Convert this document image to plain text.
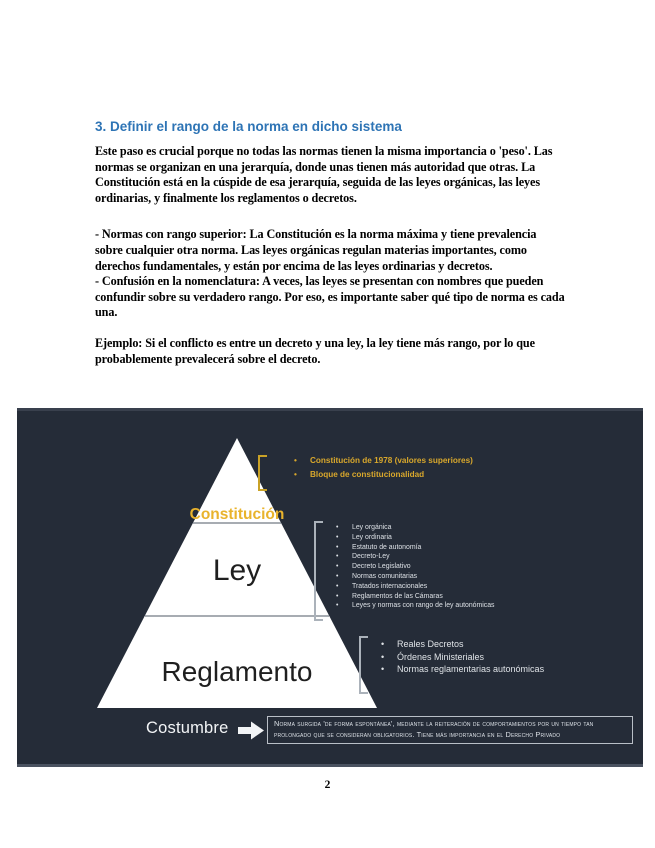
3. Definir el rango de la norma en dicho sistema

Este paso es crucial porque no todas las normas tienen la misma importancia o 'peso'. Las normas se organizan en una jerarquía, donde unas tienen más autoridad que otras. La Constitución está en la cúspide de esa jerarquía, seguida de las leyes orgánicas, las leyes ordinarias, y finalmente los reglamentos o decretos.

- Normas con rango superior: La Constitución es la norma máxima y tiene prevalencia sobre cualquier otra norma. Las leyes orgánicas regulan materias importantes, como derechos fundamentales, y están por encima de las leyes ordinarias y decretos.

- Confusión en la nomenclatura: A veces, las leyes se presentan con nombres que pueden confundir sobre su verdadero rango. Por eso, es importante saber qué tipo de norma es cada una.

Ejemplo: Si el conflicto es entre un decreto y una ley, la ley tiene más rango, por lo que probablemente prevalecerá sobre el decreto.

Constitución
Ley
Reglamento
• Constitución de 1978 (valores superiores)
• Bloque de constitucionalidad
• Ley orgánica
• Ley ordinaria
• Estatuto de autonomía
• Decreto-Ley
• Decreto Legislativo
• Normas comunitarias
• Tratados internacionales
• Reglamentos de las Cámaras
• Leyes y normas con rango de ley autonómicas
• Reales Decretos
• Órdenes Ministeriales
• Normas reglamentarias autonómicas
Costumbre	Norma surgida 'de forma espontánea', mediante la reiteración de comportamientos por un tiempo tan prolongado que se consideran obligatorios. Tiene más importancia en el Derecho Privado
2
